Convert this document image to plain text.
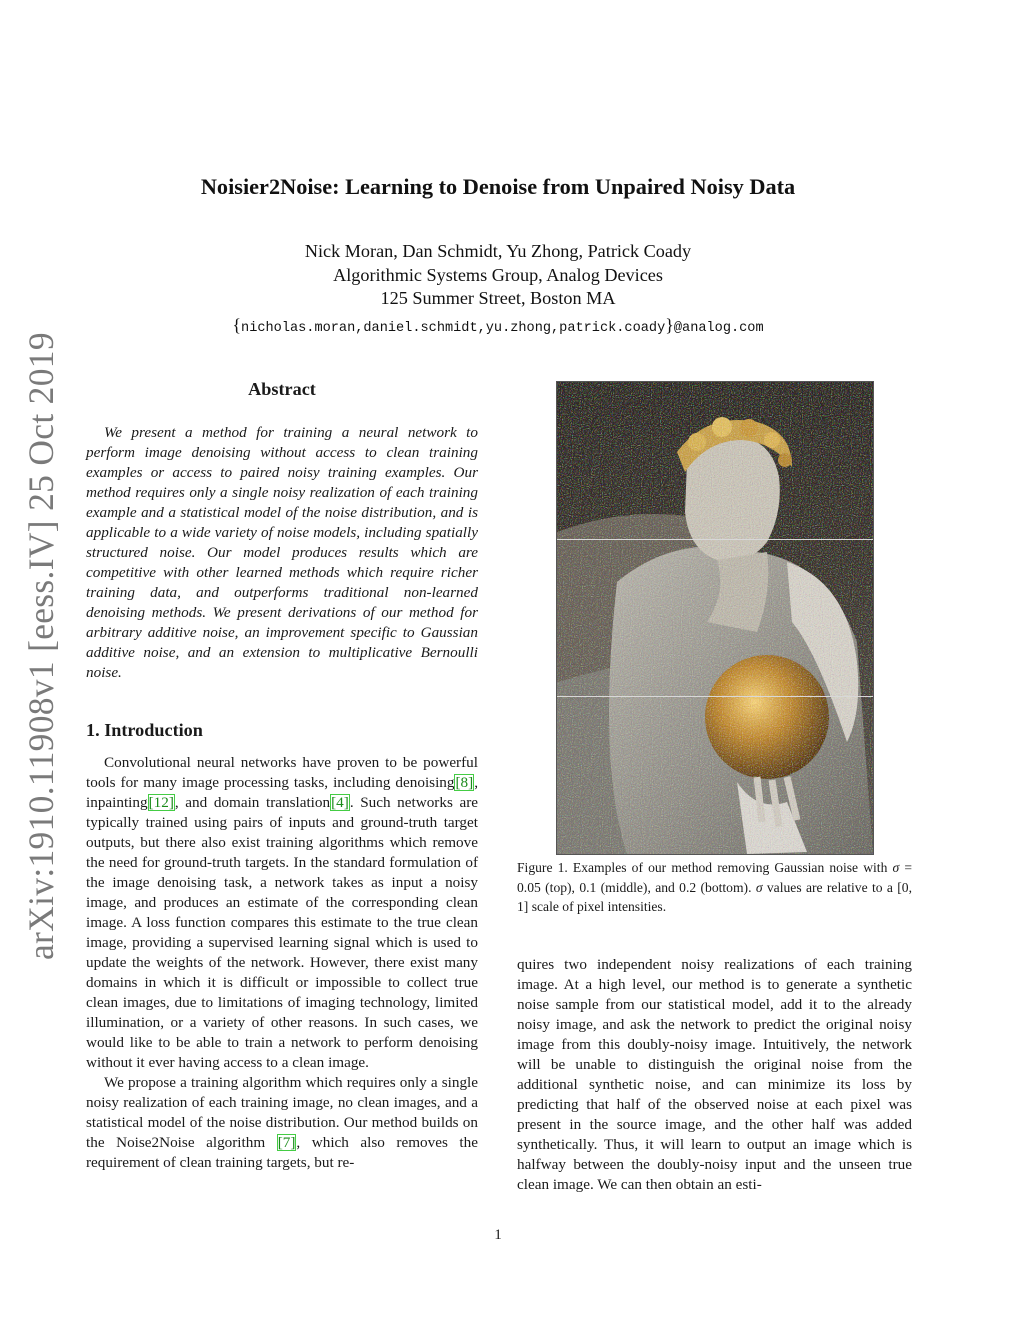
arXiv:1910.11908v1 [eess.IV] 25 Oct 2019
Noisier2Noise: Learning to Denoise from Unpaired Noisy Data
Nick Moran, Dan Schmidt, Yu Zhong, Patrick Coady
Algorithmic Systems Group, Analog Devices
125 Summer Street, Boston MA
{nicholas.moran,daniel.schmidt,yu.zhong,patrick.coady}@analog.com
Abstract

We present a method for training a neural network to perform image denoising without access to clean training examples or access to paired noisy training examples. Our method requires only a single noisy realization of each training example and a statistical model of the noise distribution, and is applicable to a wide variety of noise models, including spatially structured noise. Our model produces results which are competitive with other learned methods which require richer training data, and outperforms traditional non-learned denoising methods. We present derivations of our method for arbitrary additive noise, an improvement specific to Gaussian additive noise, and an extension to multiplicative Bernoulli noise.

1. Introduction

Convolutional neural networks have proven to be powerful tools for many image processing tasks, including denoising[8], inpainting[12], and domain translation[4]. Such networks are typically trained using pairs of inputs and ground-truth target outputs, but there also exist training algorithms which remove the need for ground-truth targets. In the standard formulation of the image denoising task, a network takes as input a noisy image, and produces an estimate of the corresponding clean image. A loss function compares this estimate to the true clean image, providing a supervised learning signal which is used to update the weights of the network. However, there exist many domains in which it is difficult or impossible to collect true clean images, due to limitations of imaging technology, limited illumination, or a variety of other reasons. In such cases, we would like to be able to train a network to perform denoising without it ever having access to a clean image.

We propose a training algorithm which requires only a single noisy realization of each training image, no clean images, and a statistical model of the noise distribution. Our method builds on the Noise2Noise algorithm [7], which also removes the requirement of clean training targets, but re-

Figure 1. Examples of our method removing Gaussian noise with σ = 0.05 (top), 0.1 (middle), and 0.2 (bottom). σ values are relative to a [0, 1] scale of pixel intensities.

quires two independent noisy realizations of each training image. At a high level, our method is to generate a synthetic noise sample from our statistical model, add it to the already noisy image, and ask the network to predict the original noisy image from this doubly-noisy image. Intuitively, the network will be unable to distinguish the original noise from the additional synthetic noise, and can minimize its loss by predicting that half of the observed noise at each pixel was present in the source image, and the other half was added synthetically. Thus, it will learn to output an image which is halfway between the doubly-noisy input and the unseen true clean image. We can then obtain an esti-

1
